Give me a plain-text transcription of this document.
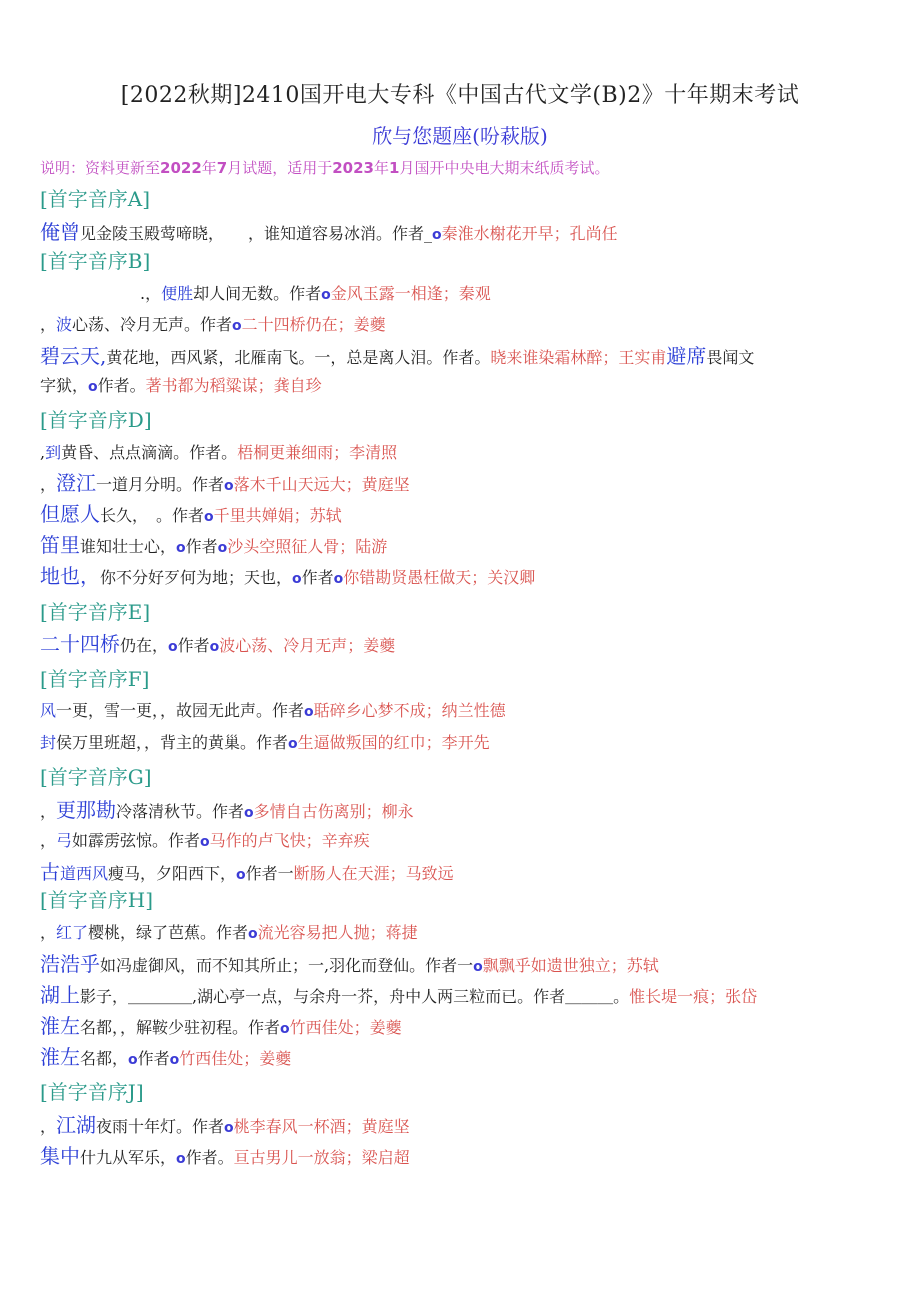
[2022秋期]2410国开电大专科《中国古代文学(B)2》十年期末考试
欣与您题座(吩萩版)
说明：资料更新至2022年7月试题，适用于2023年1月国开中央电大期末纸质考试。
[首字音序A]
俺曾见金陵玉殿莺啼晓，　　，谁知道容易冰消。作者_o秦淮水榭花开早；孔尚任
[首字音序B]
.，便胜却人间无数。作者o金风玉露一相逢；秦观
，波心荡、冷月无声。作者o二十四桥仍在；姜夔
碧云天,黄花地，西风紧，北雁南飞。一，总是离人泪。作者。晓来谁染霜林醉；王实甫避席畏闻文
字狱，o作者。著书都为稻粱谋；龚自珍
[首字音序D]
,到黄昏、点点滴滴。作者。梧桐更兼细雨；李清照
，澄江一道月分明。作者o落木千山天远大；黄庭坚
但愿人长久，　。作者o千里共婵娟；苏轼
笛里谁知壮士心，o作者o沙头空照征人骨；陆游
地也，你不分好歹何为地；天也，o作者o你错勘贤愚枉做天；关汉卿
[首字音序E]
二十四桥仍在，o作者o波心荡、冷月无声；姜夔
[首字音序F]
风一更，雪一更，，故园无此声。作者o聒碎乡心梦不成；纳兰性德
封侯万里班超，，背主的黄巢。作者o生逼做叛国的红巾；李开先
[首字音序G]
，更那勘冷落清秋节。作者o多情自古伤离别；柳永
，弓如霹雳弦惊。作者o马作的卢飞快；辛弃疾
古道西风瘦马，夕阳西下，o作者一断肠人在天涯；马致远
[首字音序H]
，红了樱桃，绿了芭蕉。作者o流光容易把人抛；蒋捷
浩浩乎如冯虚御风，而不知其所止；一,羽化而登仙。作者一o飘飘乎如遗世独立；苏轼
湖上影子，＿＿＿＿,湖心亭一点，与余舟一芥，舟中人两三粒而已。作者＿＿＿。惟长堤一痕；张岱
淮左名都，，解鞍少驻初程。作者o竹西佳处；姜夔
淮左名都，o作者o竹西佳处；姜夔
[首字音序J]
，江湖夜雨十年灯。作者o桃李春风一杯酒；黄庭坚
集中什九从军乐，o作者。亘古男儿一放翁；梁启超
